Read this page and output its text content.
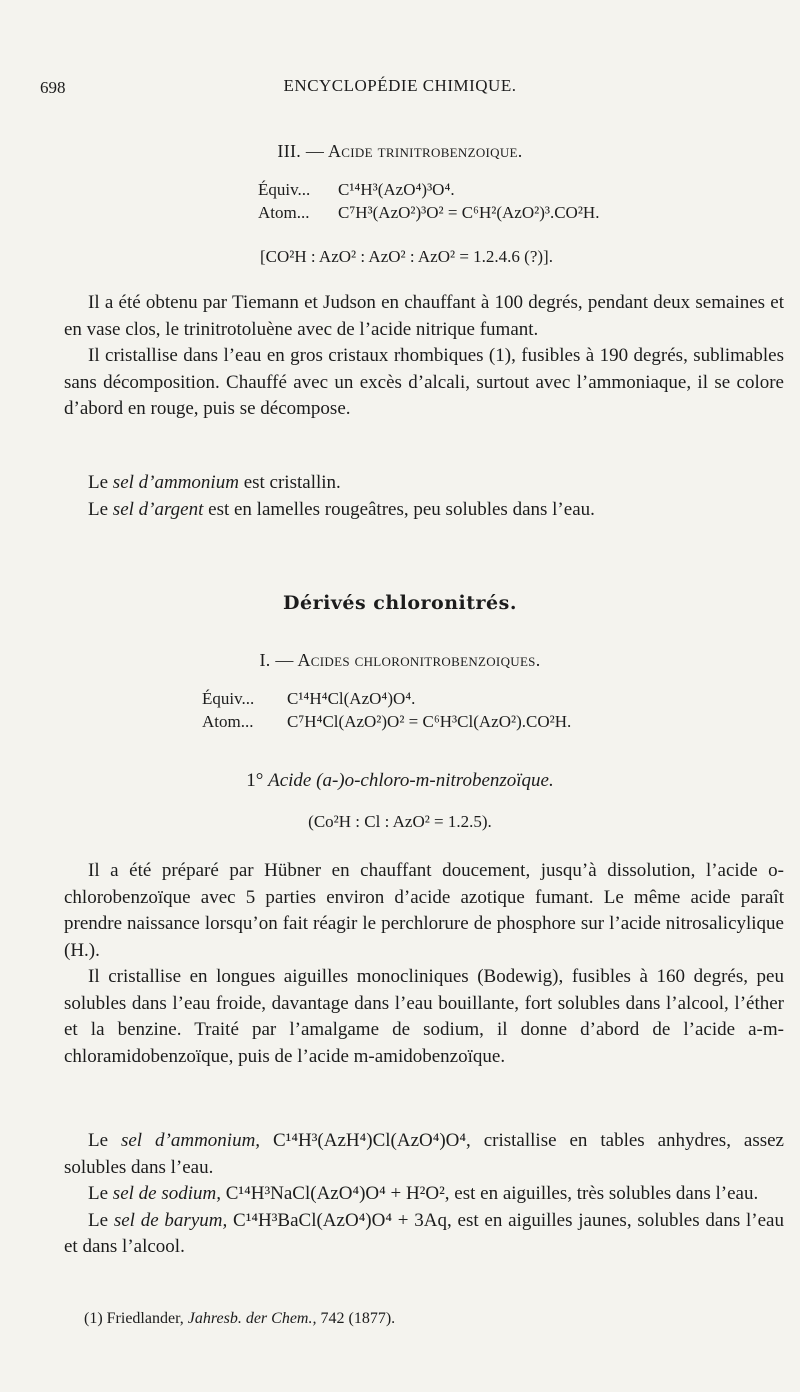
698	ENCYCLOPÉDIE CHIMIQUE.
III. — Acide trinitrobenzoique.
Équiv... C¹⁴H³(AzO⁴)³O⁴.
Atom... C⁷H³(AzO²)³O² = C⁶H²(AzO²)³.CO²H.
[CO²H : AzO² : AzO² : AzO² = 1.2.4.6 (?)].

Il a été obtenu par Tiemann et Judson en chauffant à 100 degrés, pendant deux semaines et en vase clos, le trinitrotoluène avec de l’acide nitrique fumant.

Il cristallise dans l’eau en gros cristaux rhombiques (1), fusibles à 190 degrés, sublimables sans décomposition. Chauffé avec un excès d’alcali, surtout avec l’ammoniaque, il se colore d’abord en rouge, puis se décompose.

Le sel d’ammonium est cristallin.

Le sel d’argent est en lamelles rougeâtres, peu solubles dans l’eau.

Dérivés chloronitrés.
I. — Acides chloronitrobenzoiques.
Équiv... C¹⁴H⁴Cl(AzO⁴)O⁴.
Atom... C⁷H⁴Cl(AzO²)O² = C⁶H³Cl(AzO²).CO²H.
1° Acide (a-)o-chloro-m-nitrobenzoïque.
(Co²H : Cl : AzO² = 1.2.5).

Il a été préparé par Hübner en chauffant doucement, jusqu’à dissolution, l’acide o-chlorobenzoïque avec 5 parties environ d’acide azotique fumant. Le même acide paraît prendre naissance lorsqu’on fait réagir le perchlorure de phosphore sur l’acide nitrosalicylique (H.).

Il cristallise en longues aiguilles monocliniques (Bodewig), fusibles à 160 degrés, peu solubles dans l’eau froide, davantage dans l’eau bouillante, fort solubles dans l’alcool, l’éther et la benzine. Traité par l’amalgame de sodium, il donne d’abord de l’acide a-m-chloramidobenzoïque, puis de l’acide m-amidobenzoïque.

Le sel d’ammonium, C¹⁴H³(AzH⁴)Cl(AzO⁴)O⁴, cristallise en tables anhydres, assez solubles dans l’eau.

Le sel de sodium, C¹⁴H³NaCl(AzO⁴)O⁴ + H²O², est en aiguilles, très solubles dans l’eau.

Le sel de baryum, C¹⁴H³BaCl(AzO⁴)O⁴ + 3Aq, est en aiguilles jaunes, solubles dans l’eau et dans l’alcool.

(1) Friedlander, Jahresb. der Chem., 742 (1877).
